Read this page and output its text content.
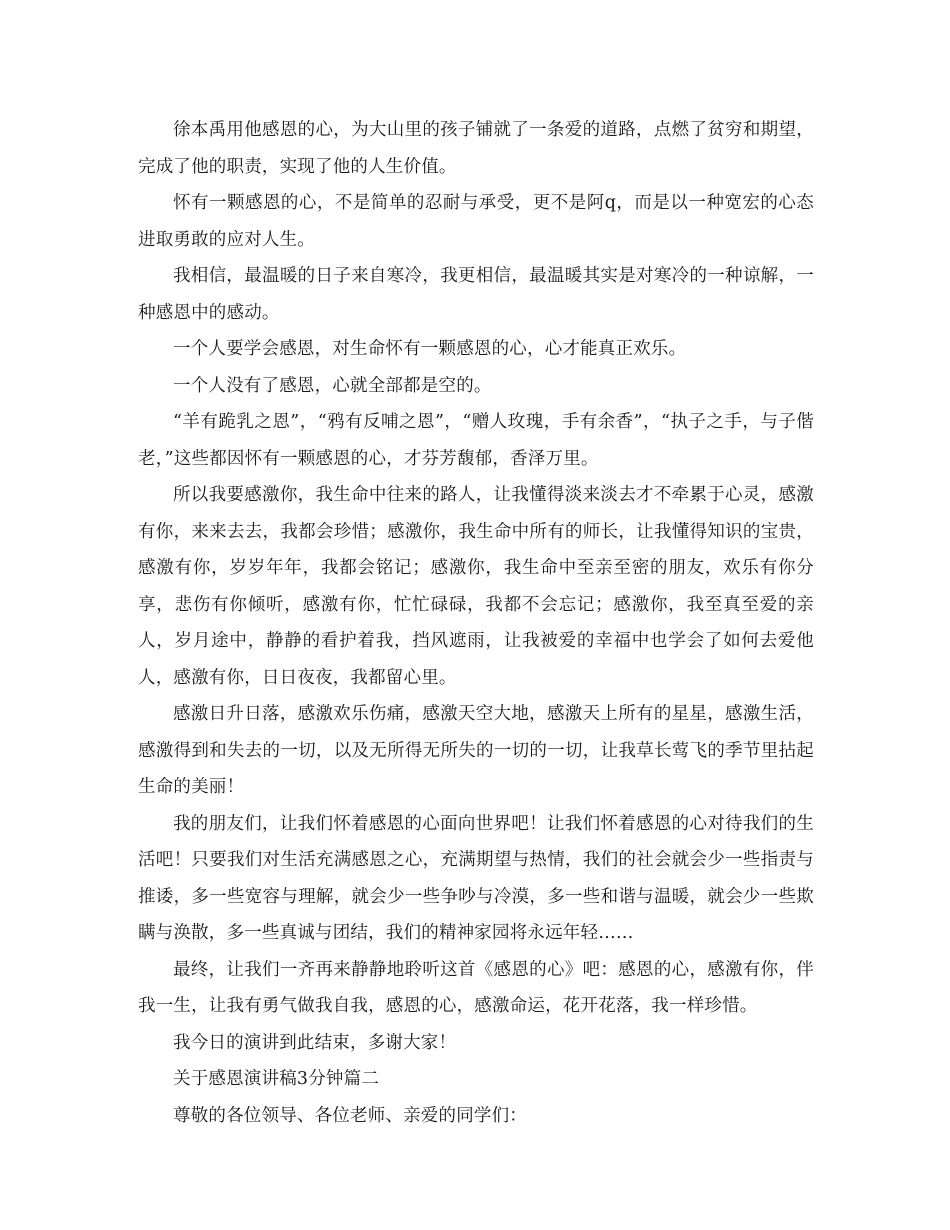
徐本禹用他感恩的心，为大山里的孩子铺就了一条爱的道路，点燃了贫穷和期望，完成了他的职责，实现了他的人生价值。

怀有一颗感恩的心，不是简单的忍耐与承受，更不是阿q，而是以一种宽宏的心态进取勇敢的应对人生。

我相信，最温暖的日子来自寒冷，我更相信，最温暖其实是对寒冷的一种谅解，一种感恩中的感动。

一个人要学会感恩，对生命怀有一颗感恩的心，心才能真正欢乐。

一个人没有了感恩，心就全部都是空的。

“羊有跪乳之恩”，“鸦有反哺之恩”，“赠人玫瑰，手有余香”，“执子之手，与子偕老，”这些都因怀有一颗感恩的心，才芬芳馥郁，香泽万里。

所以我要感激你，我生命中往来的路人，让我懂得淡来淡去才不牵累于心灵，感激有你，来来去去，我都会珍惜；感激你，我生命中所有的师长，让我懂得知识的宝贵，感激有你，岁岁年年，我都会铭记；感激你，我生命中至亲至密的朋友，欢乐有你分享，悲伤有你倾听，感激有你，忙忙碌碌，我都不会忘记；感激你，我至真至爱的亲人，岁月途中，静静的看护着我，挡风遮雨，让我被爱的幸福中也学会了如何去爱他人，感激有你，日日夜夜，我都留心里。

感激日升日落，感激欢乐伤痛，感激天空大地，感激天上所有的星星，感激生活，感激得到和失去的一切，以及无所得无所失的一切的一切，让我草长莺飞的季节里拈起生命的美丽！

我的朋友们，让我们怀着感恩的心面向世界吧！让我们怀着感恩的心对待我们的生活吧！只要我们对生活充满感恩之心，充满期望与热情，我们的社会就会少一些指责与推诿，多一些宽容与理解，就会少一些争吵与冷漠，多一些和谐与温暖，就会少一些欺瞒与涣散，多一些真诚与团结，我们的精神家园将永远年轻……

最终，让我们一齐再来静静地聆听这首《感恩的心》吧：感恩的心，感激有你，伴我一生，让我有勇气做我自我，感恩的心，感激命运，花开花落，我一样珍惜。

我今日的演讲到此结束，多谢大家！

关于感恩演讲稿3分钟篇二

尊敬的各位领导、各位老师、亲爱的同学们：
